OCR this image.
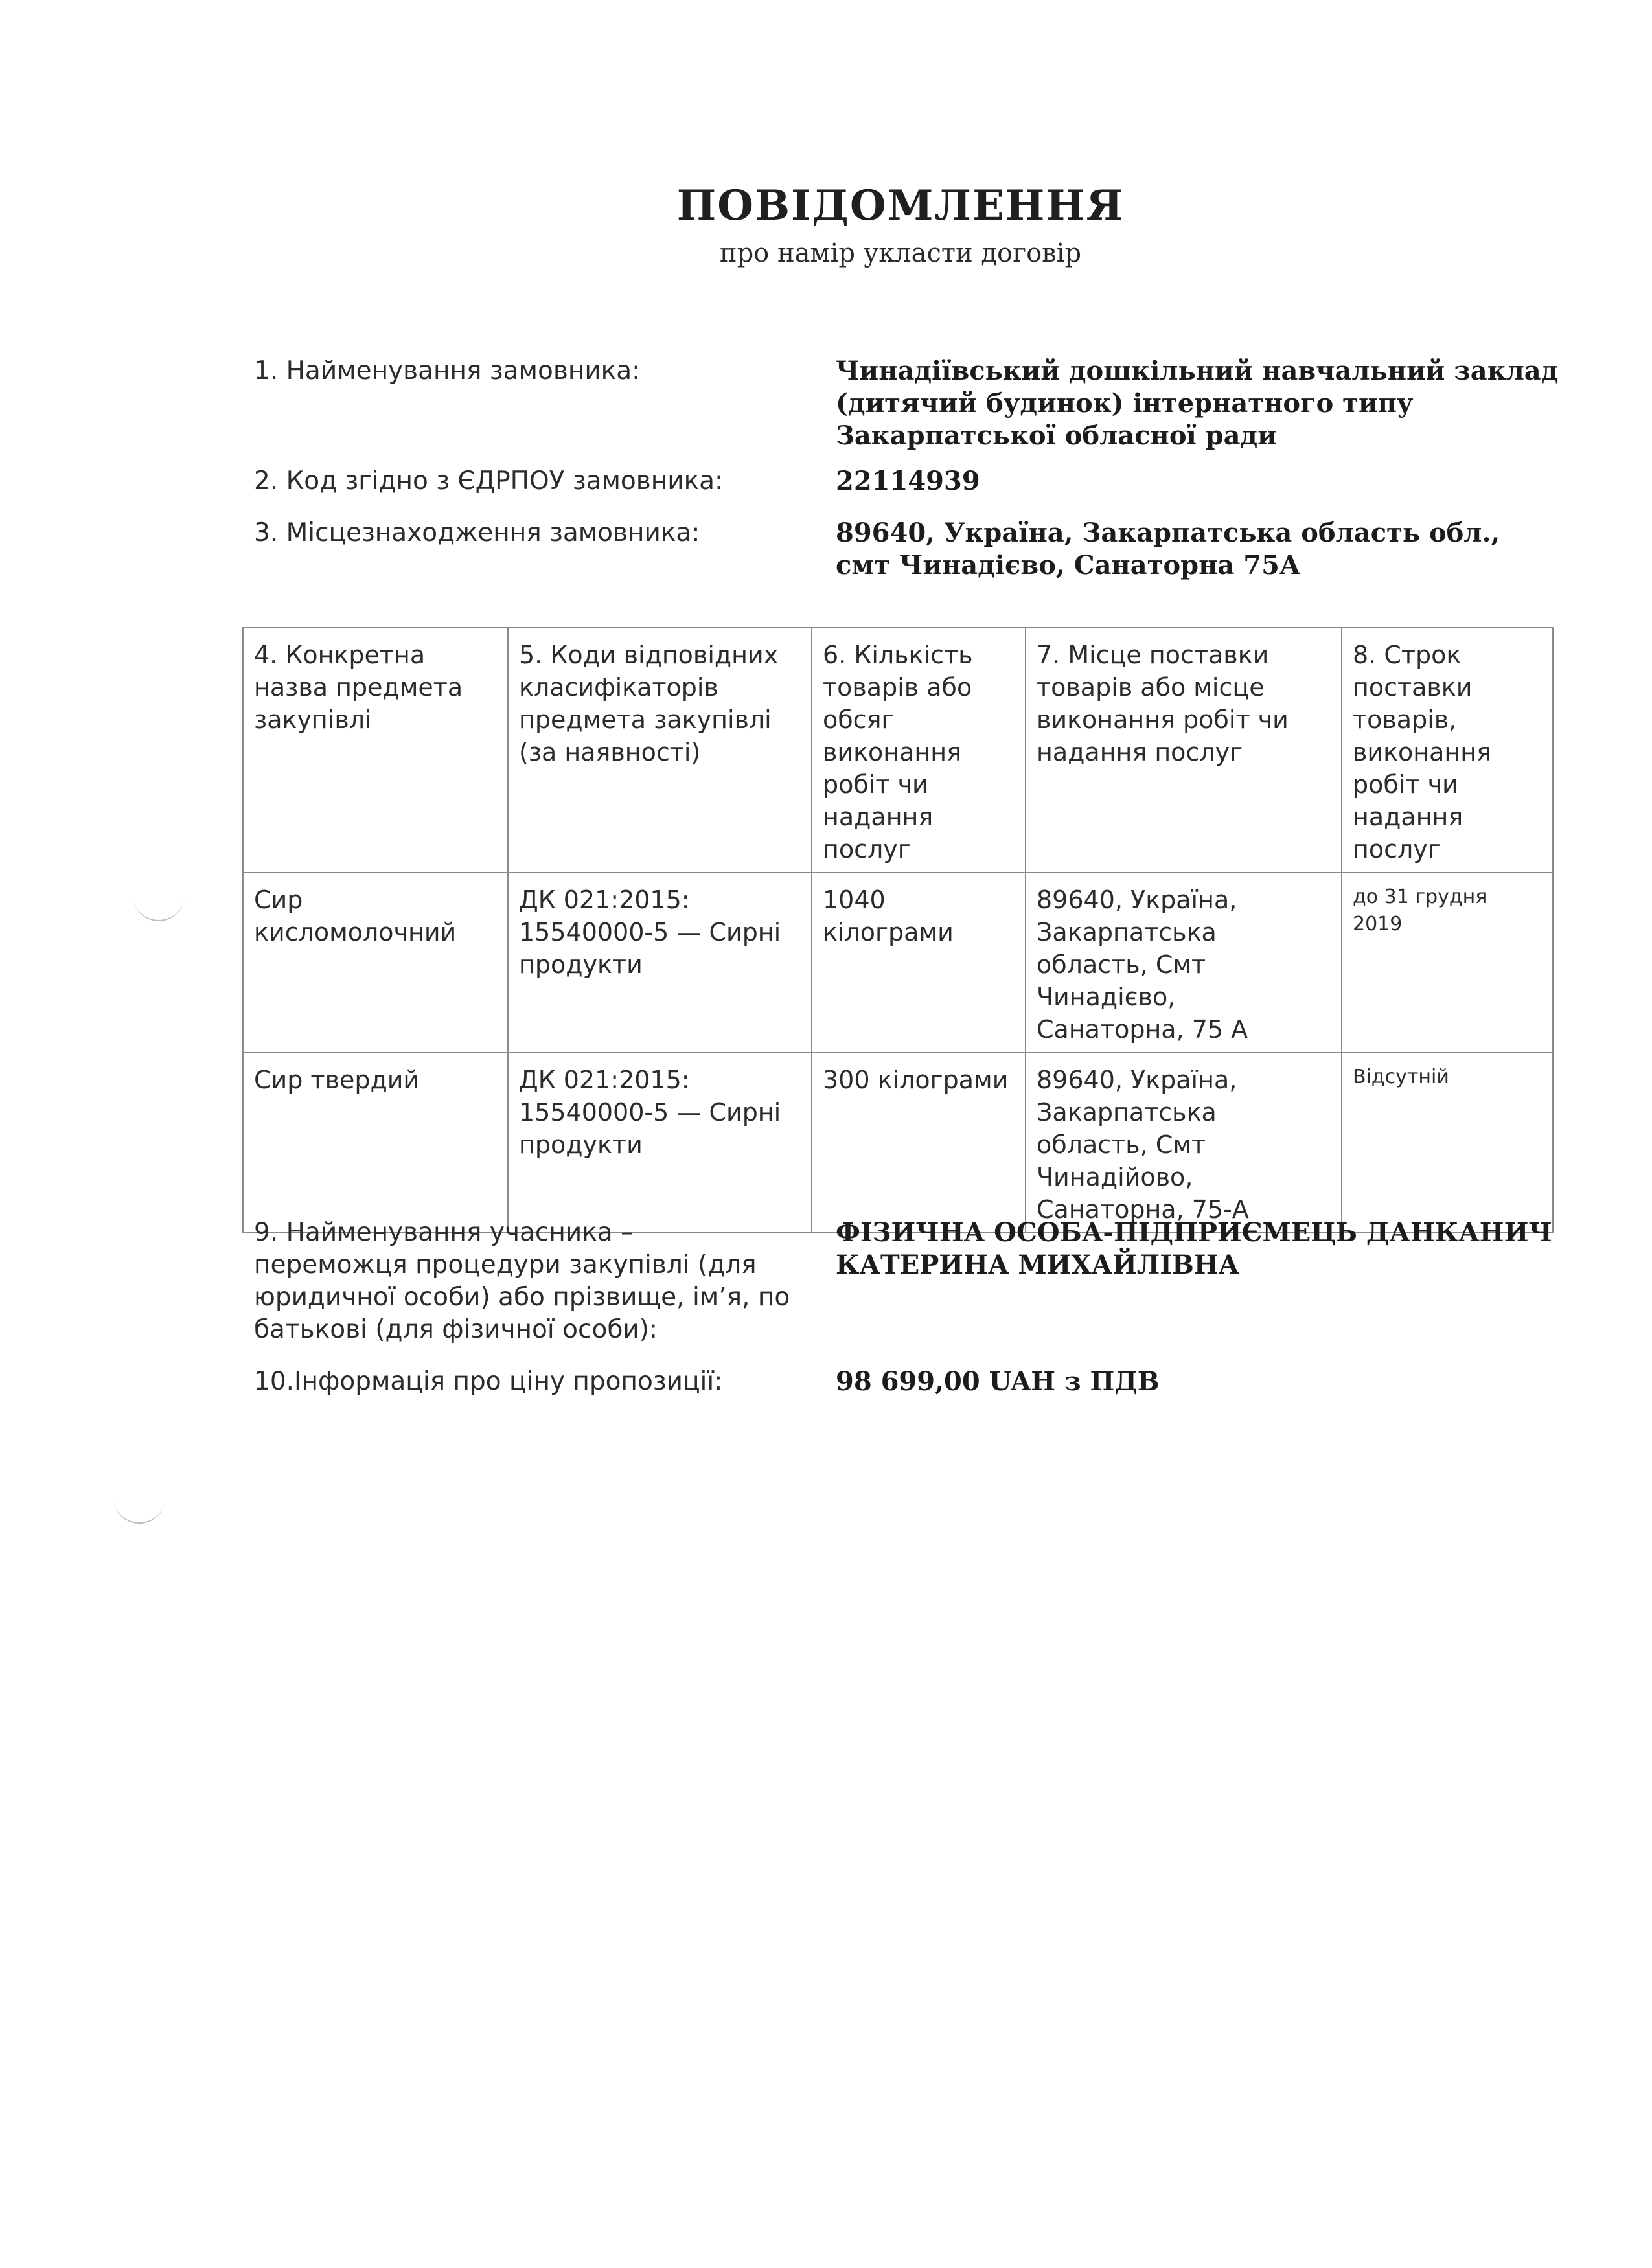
ПОВІДОМЛЕННЯ
про намір укласти договір
1. Найменування замовника:	Чинадіївський дошкільний навчальний заклад (дитячий будинок) інтернатного типу Закарпатської обласної ради
2. Код згідно з ЄДРПОУ замовника:	22114939
3. Місцезнаходження замовника:	89640, Україна, Закарпатська область обл., смт Чинадієво, Санаторна 75А
4. Конкретна назва предмета закупівлі	5. Коди відповідних класифікаторів предмета закупівлі (за наявності)	6. Кількість товарів або обсяг виконання робіт чи надання послуг	7. Місце поставки товарів або місце виконання робіт чи надання послуг	8. Строк поставки товарів, виконання робіт чи надання послуг
Сир кисломолочний	ДК 021:2015: 15540000-5 — Сирні продукти	1040 кілограми	89640, Україна, Закарпатська область, Смт Чинадієво, Санаторна, 75 А	до 31 грудня 2019
Сир твердий	ДК 021:2015: 15540000-5 — Сирні продукти	300 кілограми	89640, Україна, Закарпатська область, Смт Чинадійово, Санаторна, 75-А	Відсутній
9. Найменування учасника – переможця процедури закупівлі (для юридичної особи) або прізвище, ім’я, по батькові (для фізичної особи):
ФІЗИЧНА ОСОБА-ПІДПРИЄМЕЦЬ ДАНКАНИЧ КАТЕРИНА МИХАЙЛІВНА
10.Інформація про ціну пропозиції:	98 699,00 UAH з ПДВ
